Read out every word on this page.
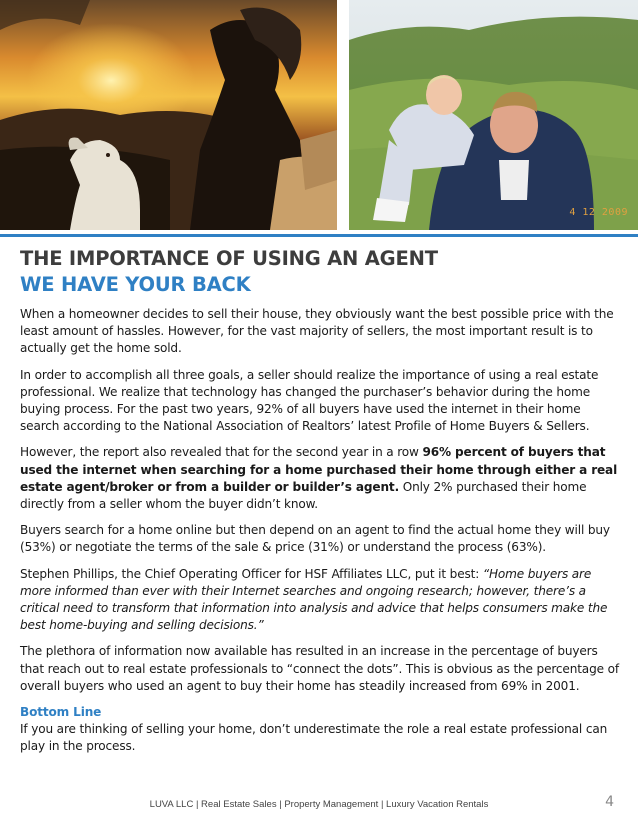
4 12 2009
THE IMPORTANCE OF USING AN AGENT
WE HAVE YOUR BACK

When a homeowner decides to sell their house, they obviously want the best possible price with the least amount of hassles. However, for the vast majority of sellers, the most important result is to actually get the home sold.

In order to accomplish all three goals, a seller should realize the importance of using a real estate professional. We realize that technology has changed the purchaser’s behavior during the home buying process. For the past two years, 92% of all buyers have used the internet in their home search according to the National Association of Realtors’ latest Profile of Home Buyers & Sellers.

However, the report also revealed that for the second year in a row 96% percent of buyers that used the internet when searching for a home purchased their home through either a real estate agent/broker or from a builder or builder’s agent. Only 2% purchased their home directly from a seller whom the buyer didn’t know.

Buyers search for a home online but then depend on an agent to find the actual home they will buy (53%) or negotiate the terms of the sale & price (31%) or understand the process (63%).

Stephen Phillips, the Chief Operating Officer for HSF Affiliates LLC, put it best: “Home buyers are more informed than ever with their Internet searches and ongoing research; however, there’s a critical need to transform that information into analysis and advice that helps consumers make the best home-buying and selling decisions.”

The plethora of information now available has resulted in an increase in the percentage of buyers that reach out to real estate professionals to “connect the dots”. This is obvious as the percentage of overall buyers who used an agent to buy their home has steadily increased from 69% in 2001.

Bottom Line
If you are thinking of selling your home, don’t underestimate the role a real estate professional can play in the process.

LUVA LLC | Real Estate Sales | Property Management | Luxury Vacation Rentals	4
